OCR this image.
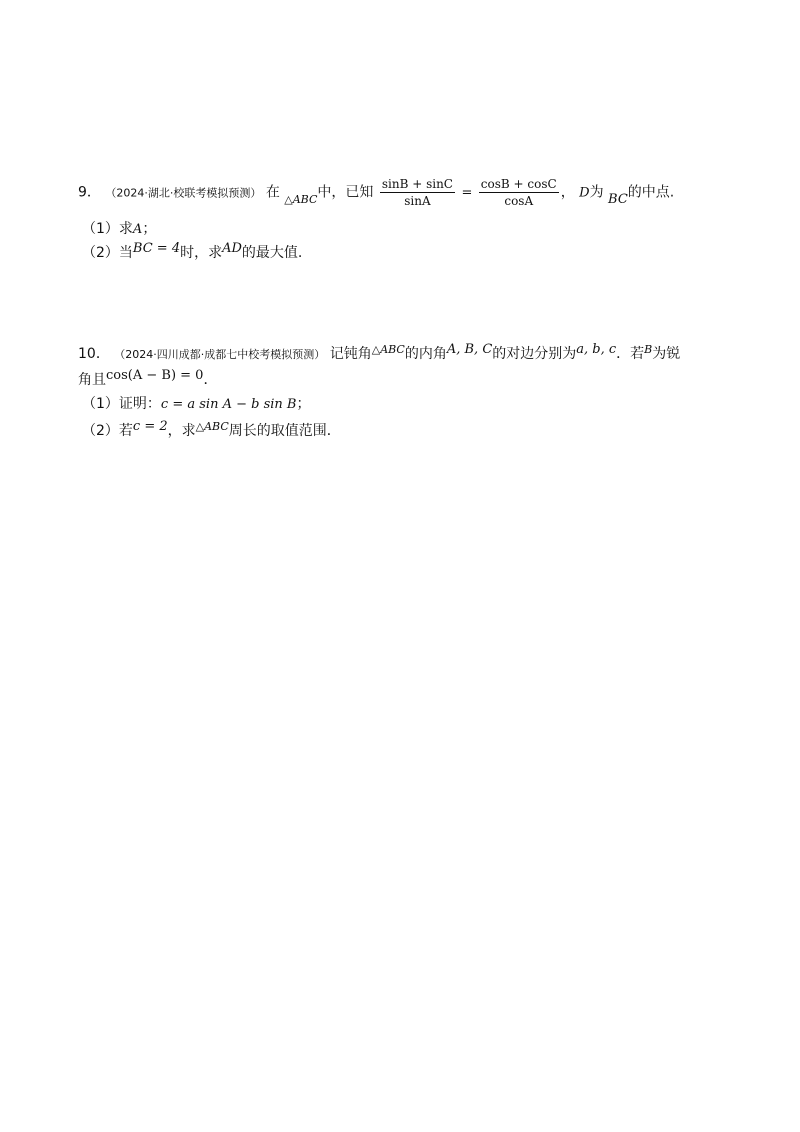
9． （2024·湖北·校联考模拟预测） 在 $_{\triangle ABC}$中，已知 $\frac{\sin B + \sin C}{\sin A} = \frac{\cos B + \cos C}{\cos A}$ ， D为 BC的中点.
（1）求A；
（2）当BC = 4时，求AD的最大值.
10． （2024·四川成都·成都七中校考模拟预测） 记钝角$^{\triangle ABC}$的内角A, B, C的对边分别为a, b, c．若$^B$为锐
角且cos(A − B) = 0．
（1）证明：c = a sin A − b sin B；
（2）若c = 2，求$^{\triangle ABC}$周长的取值范围．
